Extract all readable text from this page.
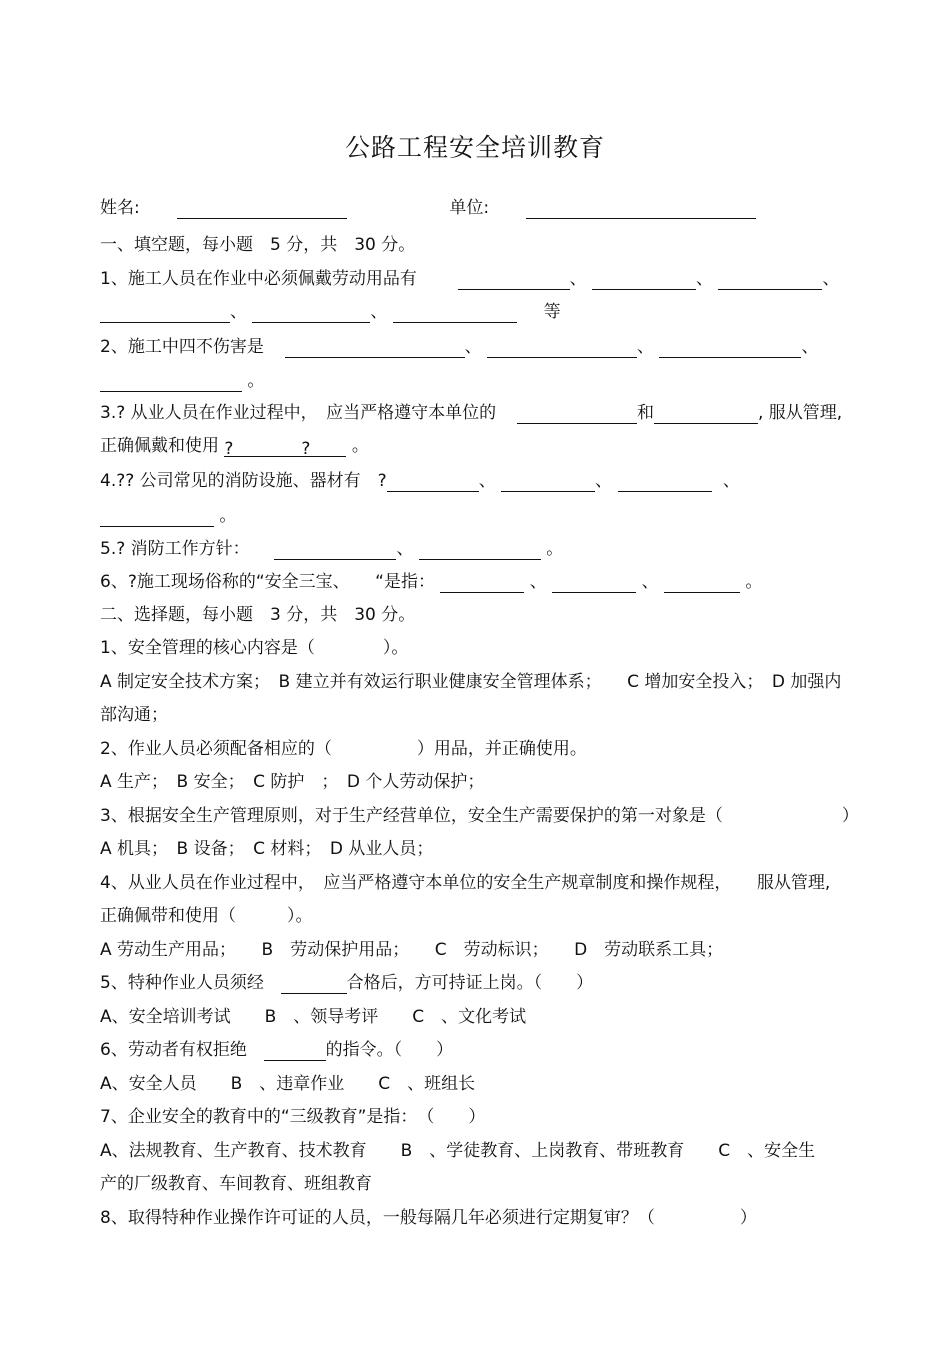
公路工程安全培训教育
姓名:	单位:
一、填空题，每小题　5 分，共　30 分。
1、施工人员在作业中必须佩戴劳动用品有	、	、	、
、	、	等
2、施工中四不伤害是	、	、	、
。
3.? 从业人员在作业过程中，　应当严格遵守本单位的	和	, 服从管理,
正确佩戴和使用 ?　　　　? 。
4.?? 公司常见的消防设施、器材有　?	、	、	、
。
5.? 消防工作方针：	、	。
6、?施工现场俗称的“安全三宝、　　“是指：	、	、	。
二、选择题，每小题　3 分，共　30 分。
1、安全管理的核心内容是（　　　　）。
A 制定安全技术方案；　B 建立并有效运行职业健康安全管理体系；　　C 增加安全投入；　D 加强内
部沟通；
2、作业人员必须配备相应的（　　　　　）用品，并正确使用。
A 生产；　B 安全；　C 防护　；　D 个人劳动保护；
3、根据安全生产管理原则，对于生产经营单位，安全生产需要保护的第一对象是（　　　　　　　）
A 机具；　B 设备；　C 材料；　D 从业人员；
4、从业人员在作业过程中，　应当严格遵守本单位的安全生产规章制度和操作规程，　　服从管理,
正确佩带和使用（　　　）。
A 劳动生产用品；　　B　劳动保护用品；　　C　劳动标识；　　D　劳动联系工具；
5、特种作业人员须经	合格后，方可持证上岗。（　　）
A、安全培训考试　　B　、领导考评　　C　、文化考试
6、劳动者有权拒绝	的指令。（　　）
A、安全人员　　B　、违章作业　　C　、班组长
7、企业安全的教育中的“三级教育”是指：　（　　）
A、法规教育、生产教育、技术教育　　B　、学徒教育、上岗教育、带班教育　　C　、安全生
产的厂级教育、车间教育、班组教育
8、取得特种作业操作许可证的人员，一般每隔几年必须进行定期复审？（　　　　　）
